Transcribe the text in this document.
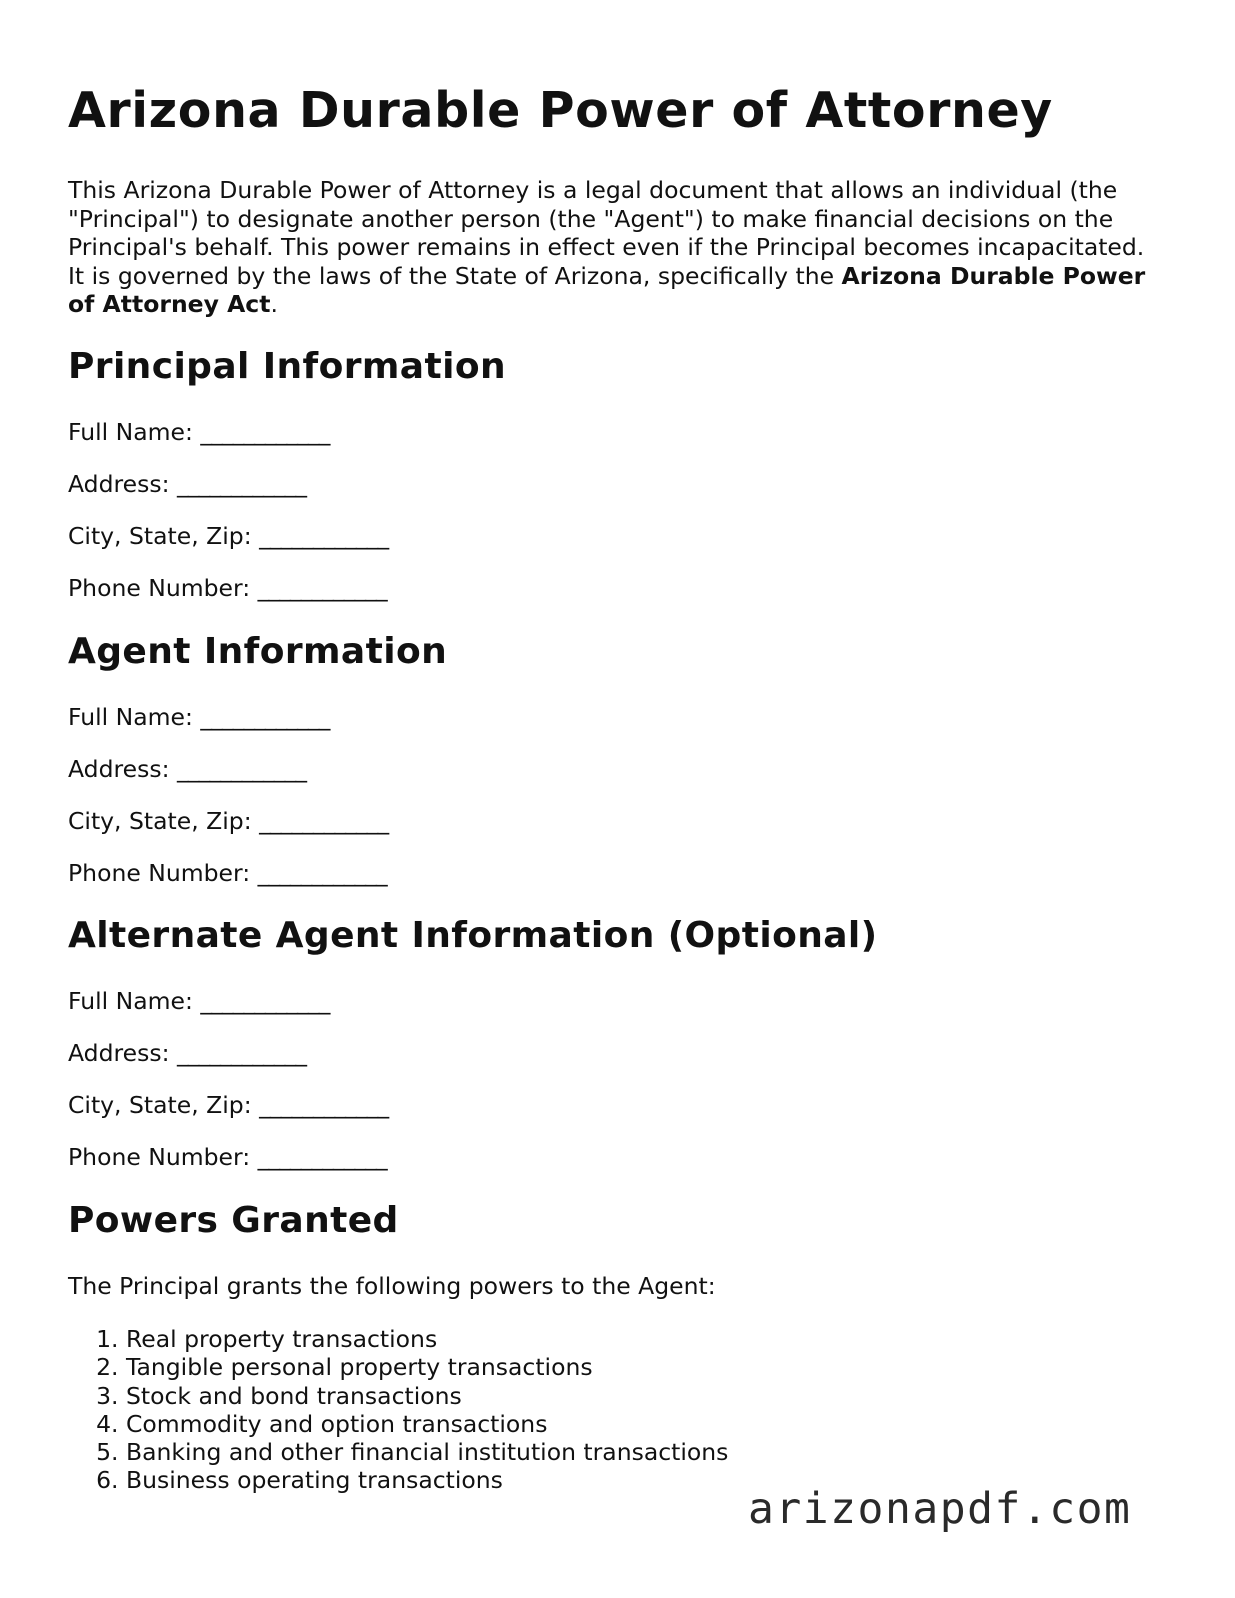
Arizona Durable Power of Attorney

This Arizona Durable Power of Attorney is a legal document that allows an individual (the "Principal") to designate another person (the "Agent") to make financial decisions on the Principal's behalf. This power remains in effect even if the Principal becomes incapacitated. It is governed by the laws of the State of Arizona, specifically the Arizona Durable Power of Attorney Act.

Principal Information

Full Name: ____________

Address: ____________

City, State, Zip: ____________

Phone Number: ____________

Agent Information

Full Name: ____________

Address: ____________

City, State, Zip: ____________

Phone Number: ____________

Alternate Agent Information (Optional)

Full Name: ____________

Address: ____________

City, State, Zip: ____________

Phone Number: ____________

Powers Granted

The Principal grants the following powers to the Agent:

1. Real property transactions
2. Tangible personal property transactions
3. Stock and bond transactions
4. Commodity and option transactions
5. Banking and other financial institution transactions
6. Business operating transactions

arizonapdf.com
